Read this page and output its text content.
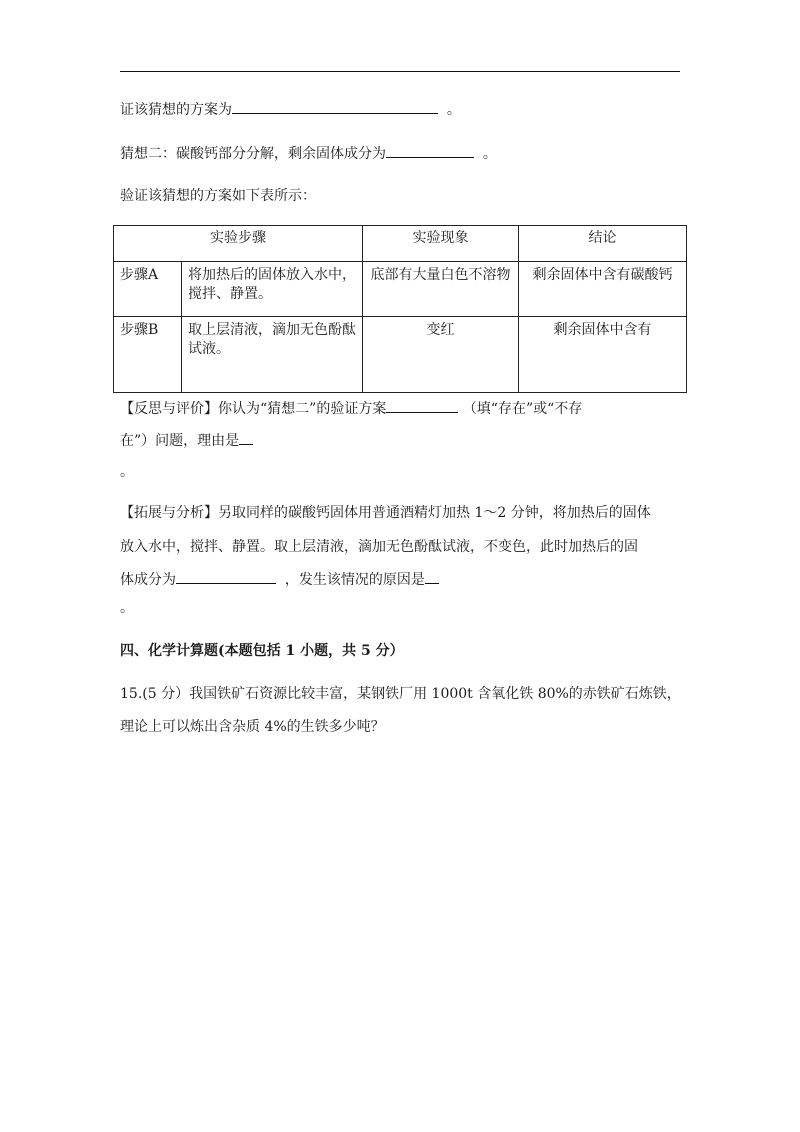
证该猜想的方案为	。
猜想二：碳酸钙部分分解，剩余固体成分为	。
验证该猜想的方案如下表所示：
实验步骤		实验现象	结论
步骤A	将加热后的固体放入水中，搅拌、静置。	底部有大量白色不溶物	剩余固体中含有碳酸钙
步骤B	取上层清液，滴加无色酚酞试液。	变红	剩余固体中含有
【反思与评价】你认为“猜想二”的验证方案	（填“存在”或“不存
在”）问题，理由是
。
【拓展与分析】另取同样的碳酸钙固体用普通酒精灯加热 1～2 分钟，将加热后的固体
放入水中，搅拌、静置。取上层清液，滴加无色酚酞试液，不变色，此时加热后的固
体成分为	，发生该情况的原因是
。
四、化学计算题(本题包括 1 小题，共 5 分）
15.(5 分）我国铁矿石资源比较丰富，某钢铁厂用 1000t 含氧化铁 80%的赤铁矿石炼铁，
理论上可以炼出含杂质 4%的生铁多少吨？
